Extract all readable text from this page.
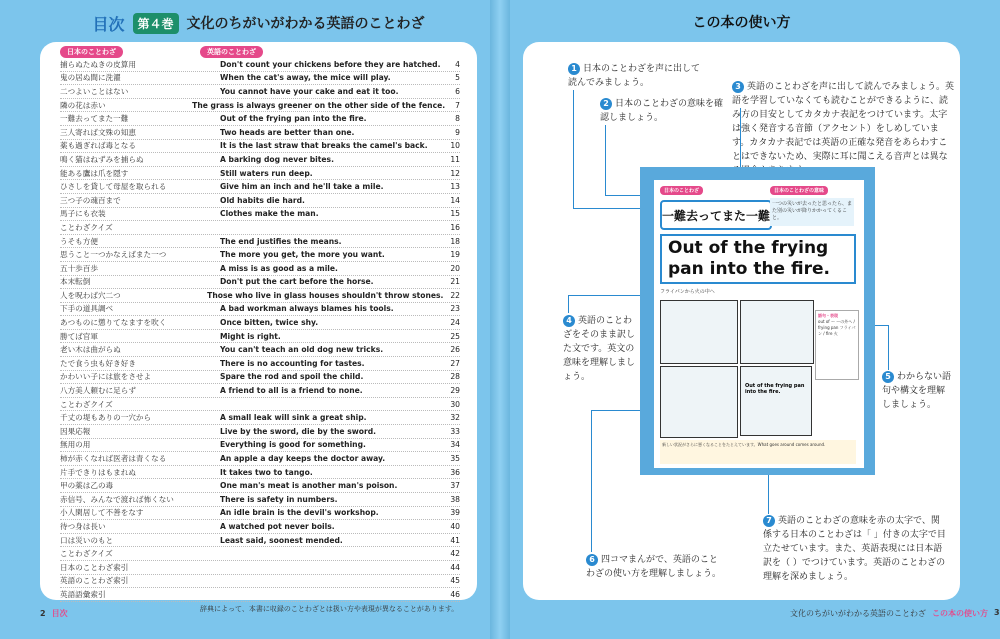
目次	第４巻 文化のちがいがわかる英語のことわざ
日本のことわざ	英語のことわざ
捕らぬたぬきの皮算用	Don't count your chickens before they are hatched.	4
鬼の居ぬ間に洗濯	When the cat's away, the mice will play.	5
二つよいことはない	You cannot have your cake and eat it too.	6
隣の花は赤い	The grass is always greener on the other side of the fence.	7
一難去ってまた一難	Out of the frying pan into the fire.	8
三人寄れば文殊の知恵	Two heads are better than one.	9
薬も過ぎれば毒となる	It is the last straw that breaks the camel's back.	10
鳴く猫はねずみを捕らぬ	A barking dog never bites.	11
能ある鷹は爪を隠す	Still waters run deep.	12
ひさしを貸して母屋を取られる	Give him an inch and he'll take a mile.	13
三つ子の魂百まで	Old habits die hard.	14
馬子にも衣装	Clothes make the man.	15
ことわざクイズ	16
うそも方便	The end justifies the means.	18
思うこと一つかなえばまた一つ	The more you get, the more you want.	19
五十歩百歩	A miss is as good as a mile.	20
本末転倒	Don't put the cart before the horse.	21
人を呪わば穴二つ	Those who live in glass houses shouldn't throw stones. 22
下手の道具調べ	A bad workman always blames his tools.	23
あつものに懲りてなますを吹く	Once bitten, twice shy.	24
勝てば官軍	Might is right.	25
老い木は曲がらぬ	You can't teach an old dog new tricks.	26
たで食う虫も好き好き	There is no accounting for tastes.	27
かわいい子には旅をさせよ	Spare the rod and spoil the child.	28
八方美人頼むに足らず	A friend to all is a friend to none.	29
ことわざクイズ	30
千丈の堤もありの一穴から	A small leak will sink a great ship.	32
因果応報	Live by the sword, die by the sword.	33
無用の用	Everything is good for something.	34
柿が赤くなれば医者は青くなる	An apple a day keeps the doctor away.	35
片手できりはもまれぬ	It takes two to tango.	36
甲の薬は乙の毒	One man's meat is another man's poison.	37
赤信号、みんなで渡れば怖くない	There is safety in numbers.	38
小人閑居して不善をなす	An idle brain is the devil's workshop.	39
待つ身は長い	A watched pot never boils.	40
口は災いのもと	Least said, soonest mended.	41
ことわざクイズ	42
日本のことわざ索引	44
英語のことわざ索引	45
英語語彙索引	46
辞典によって、本書に収録のことわざとは扱い方や表現が異なることがあります。
2 目次
この本の使い方
1 日本のことわざを声に出して読んでみましょう。
2 日本のことわざの意味を確認しましょう。
3 英語のことわざを声に出して読んでみましょう。英語を学習していなくても読むことができるように、読み方の目安としてカタカナ表記をつけています。太字は強く発音する音節（アクセント）をしめしています。カタカナ表記では英語の正確な発音をあらわすことはできないため、実際に耳に聞こえる音声とは異な
4 英語のことわざをそのまま訳した文です。英文の意味を理解しましょう。	5 わからない語句や構文を理解しましょう。
6 四コマまんがで、英語のことわざの使い方を理解しましょう。
7 英語のことわざの意味を赤の太字で、関係する日本のことわざは「 」付きの太字で目立たせています。また、英語表現には日本語訳を（ ）でつけています。英語のことわざの理解を深めましょう。
日本のことわざ
一難去ってまた一難
日本のことわざの意味
一つの災いが去ったと思ったら、また別の災いが降りかかってくること。
Out of the frying pan into the fire.
フライパンから火の中へ
Out of the frying pan into the fire.
語句・表現
out of ～ ～の外へ / frying pan フライパン / fire 火
新しい状況がさらに悪くなることをたとえています。What goes around comes around.
文化のちがいがわかる英語のことわざ この本の使い方 3
